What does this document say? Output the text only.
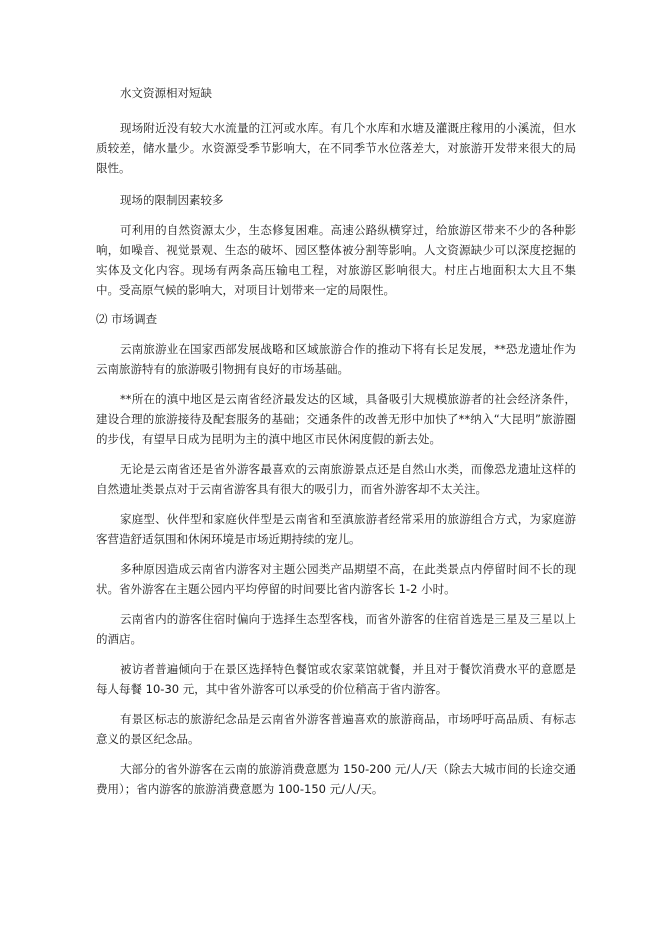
水文资源相对短缺

现场附近没有较大水流量的江河或水库。有几个水库和水塘及灌溉庄稼用的小溪流，但水质较差，储水量少。水资源受季节影响大，在不同季节水位落差大，对旅游开发带来很大的局限性。

现场的限制因素较多

可利用的自然资源太少，生态修复困难。高速公路纵横穿过，给旅游区带来不少的各种影响，如噪音、视觉景观、生态的破坏、园区整体被分割等影响。人文资源缺少可以深度挖掘的实体及文化内容。现场有两条高压输电工程，对旅游区影响很大。村庄占地面积太大且不集中。受高原气候的影响大，对项目计划带来一定的局限性。

⑵ 市场调查

云南旅游业在国家西部发展战略和区域旅游合作的推动下将有长足发展，**恐龙遗址作为云南旅游特有的旅游吸引物拥有良好的市场基础。

**所在的滇中地区是云南省经济最发达的区域，具备吸引大规模旅游者的社会经济条件，建设合理的旅游接待及配套服务的基础；交通条件的改善无形中加快了**纳入“大昆明”旅游圈的步伐，有望早日成为昆明为主的滇中地区市民休闲度假的新去处。

无论是云南省还是省外游客最喜欢的云南旅游景点还是自然山水类，而像恐龙遗址这样的自然遗址类景点对于云南省游客具有很大的吸引力，而省外游客却不太关注。

家庭型、伙伴型和家庭伙伴型是云南省和至滇旅游者经常采用的旅游组合方式，为家庭游客营造舒适氛围和休闲环境是市场近期持续的宠儿。

多种原因造成云南省内游客对主题公园类产品期望不高，在此类景点内停留时间不长的现状。省外游客在主题公园内平均停留的时间要比省内游客长 1-2 小时。

云南省内的游客住宿时偏向于选择生态型客栈，而省外游客的住宿首选是三星及三星以上的酒店。

被访者普遍倾向于在景区选择特色餐馆或农家菜馆就餐，并且对于餐饮消费水平的意愿是每人每餐 10-30 元，其中省外游客可以承受的价位稍高于省内游客。

有景区标志的旅游纪念品是云南省外游客普遍喜欢的旅游商品，市场呼吁高品质、有标志意义的景区纪念品。

大部分的省外游客在云南的旅游消费意愿为 150-200 元/人/天（除去大城市间的长途交通费用）；省内游客的旅游消费意愿为 100-150 元/人/天。
